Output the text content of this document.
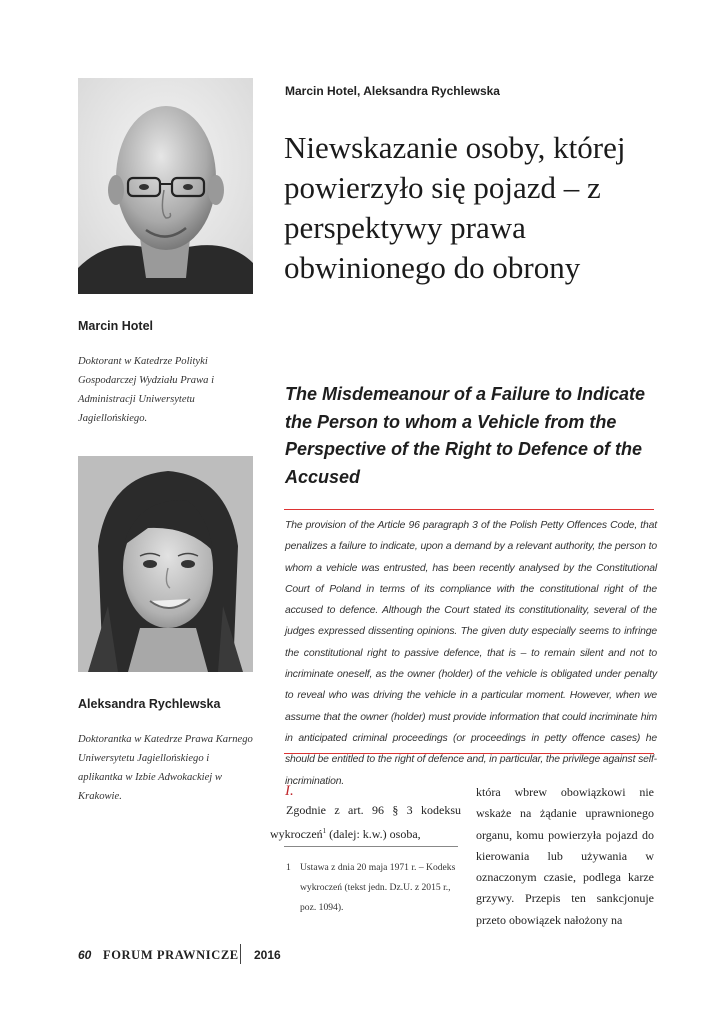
Marcin Hotel
Doktorant w Katedrze Polityki Gospodarczej Wydziału Prawa i Administracji Uniwersytetu Jagiellońskiego.
Aleksandra Rychlewska
Doktorantka w Katedrze Prawa Karnego Uniwersytetu Jagiellońskiego i aplikantka w Izbie Adwokackiej w Krakowie.
Marcin Hotel, Aleksandra Rychlewska
Niewskazanie osoby, której powierzyło się pojazd – z perspektywy prawa obwinionego do obrony
The Misdemeanour of a Failure to Indicate the Person to whom a Vehicle from the Perspective of the Right to Defence of the Accused
The provision of the Article 96 paragraph 3 of the Polish Petty Offences Code, that penalizes a failure to indicate, upon a demand by a relevant authority, the person to whom a vehicle was entrusted, has been recently analysed by the Constitutional Court of Poland in terms of its compliance with the constitutional right of the accused to defence. Although the Court stated its constitutionality, several of the judges expressed dissenting opinions. The given duty especially seems to infringe the constitutional right to passive defence, that is – to remain silent and not to incriminate oneself, as the owner (holder) of the vehicle is obligated under penalty to reveal who was driving the vehicle in a particular moment. However, when we assume that the owner (holder) must provide information that could incriminate him in anticipated criminal proceedings (or proceedings in petty offence cases) he should be entitled to the right of defence and, in particular, the privilege against self-incrimination.
I.
Zgodnie z art. 96 § 3 kodeksu wykroczeń$^1$ (dalej: k.w.) osoba,
1 Ustawa z dnia 20 maja 1971 r. – Kodeks wykroczeń (tekst jedn. Dz.U. z 2015 r., poz. 1094).
która wbrew obowiązkowi nie wskaże na żądanie uprawnionego organu, komu powierzyła pojazd do kierowania lub używania w oznaczonym czasie, podlega karze grzywy. Przepis ten sankcjonuje przeto obowiązek nałożony na
60 FORUM PRAWNICZE 2016
